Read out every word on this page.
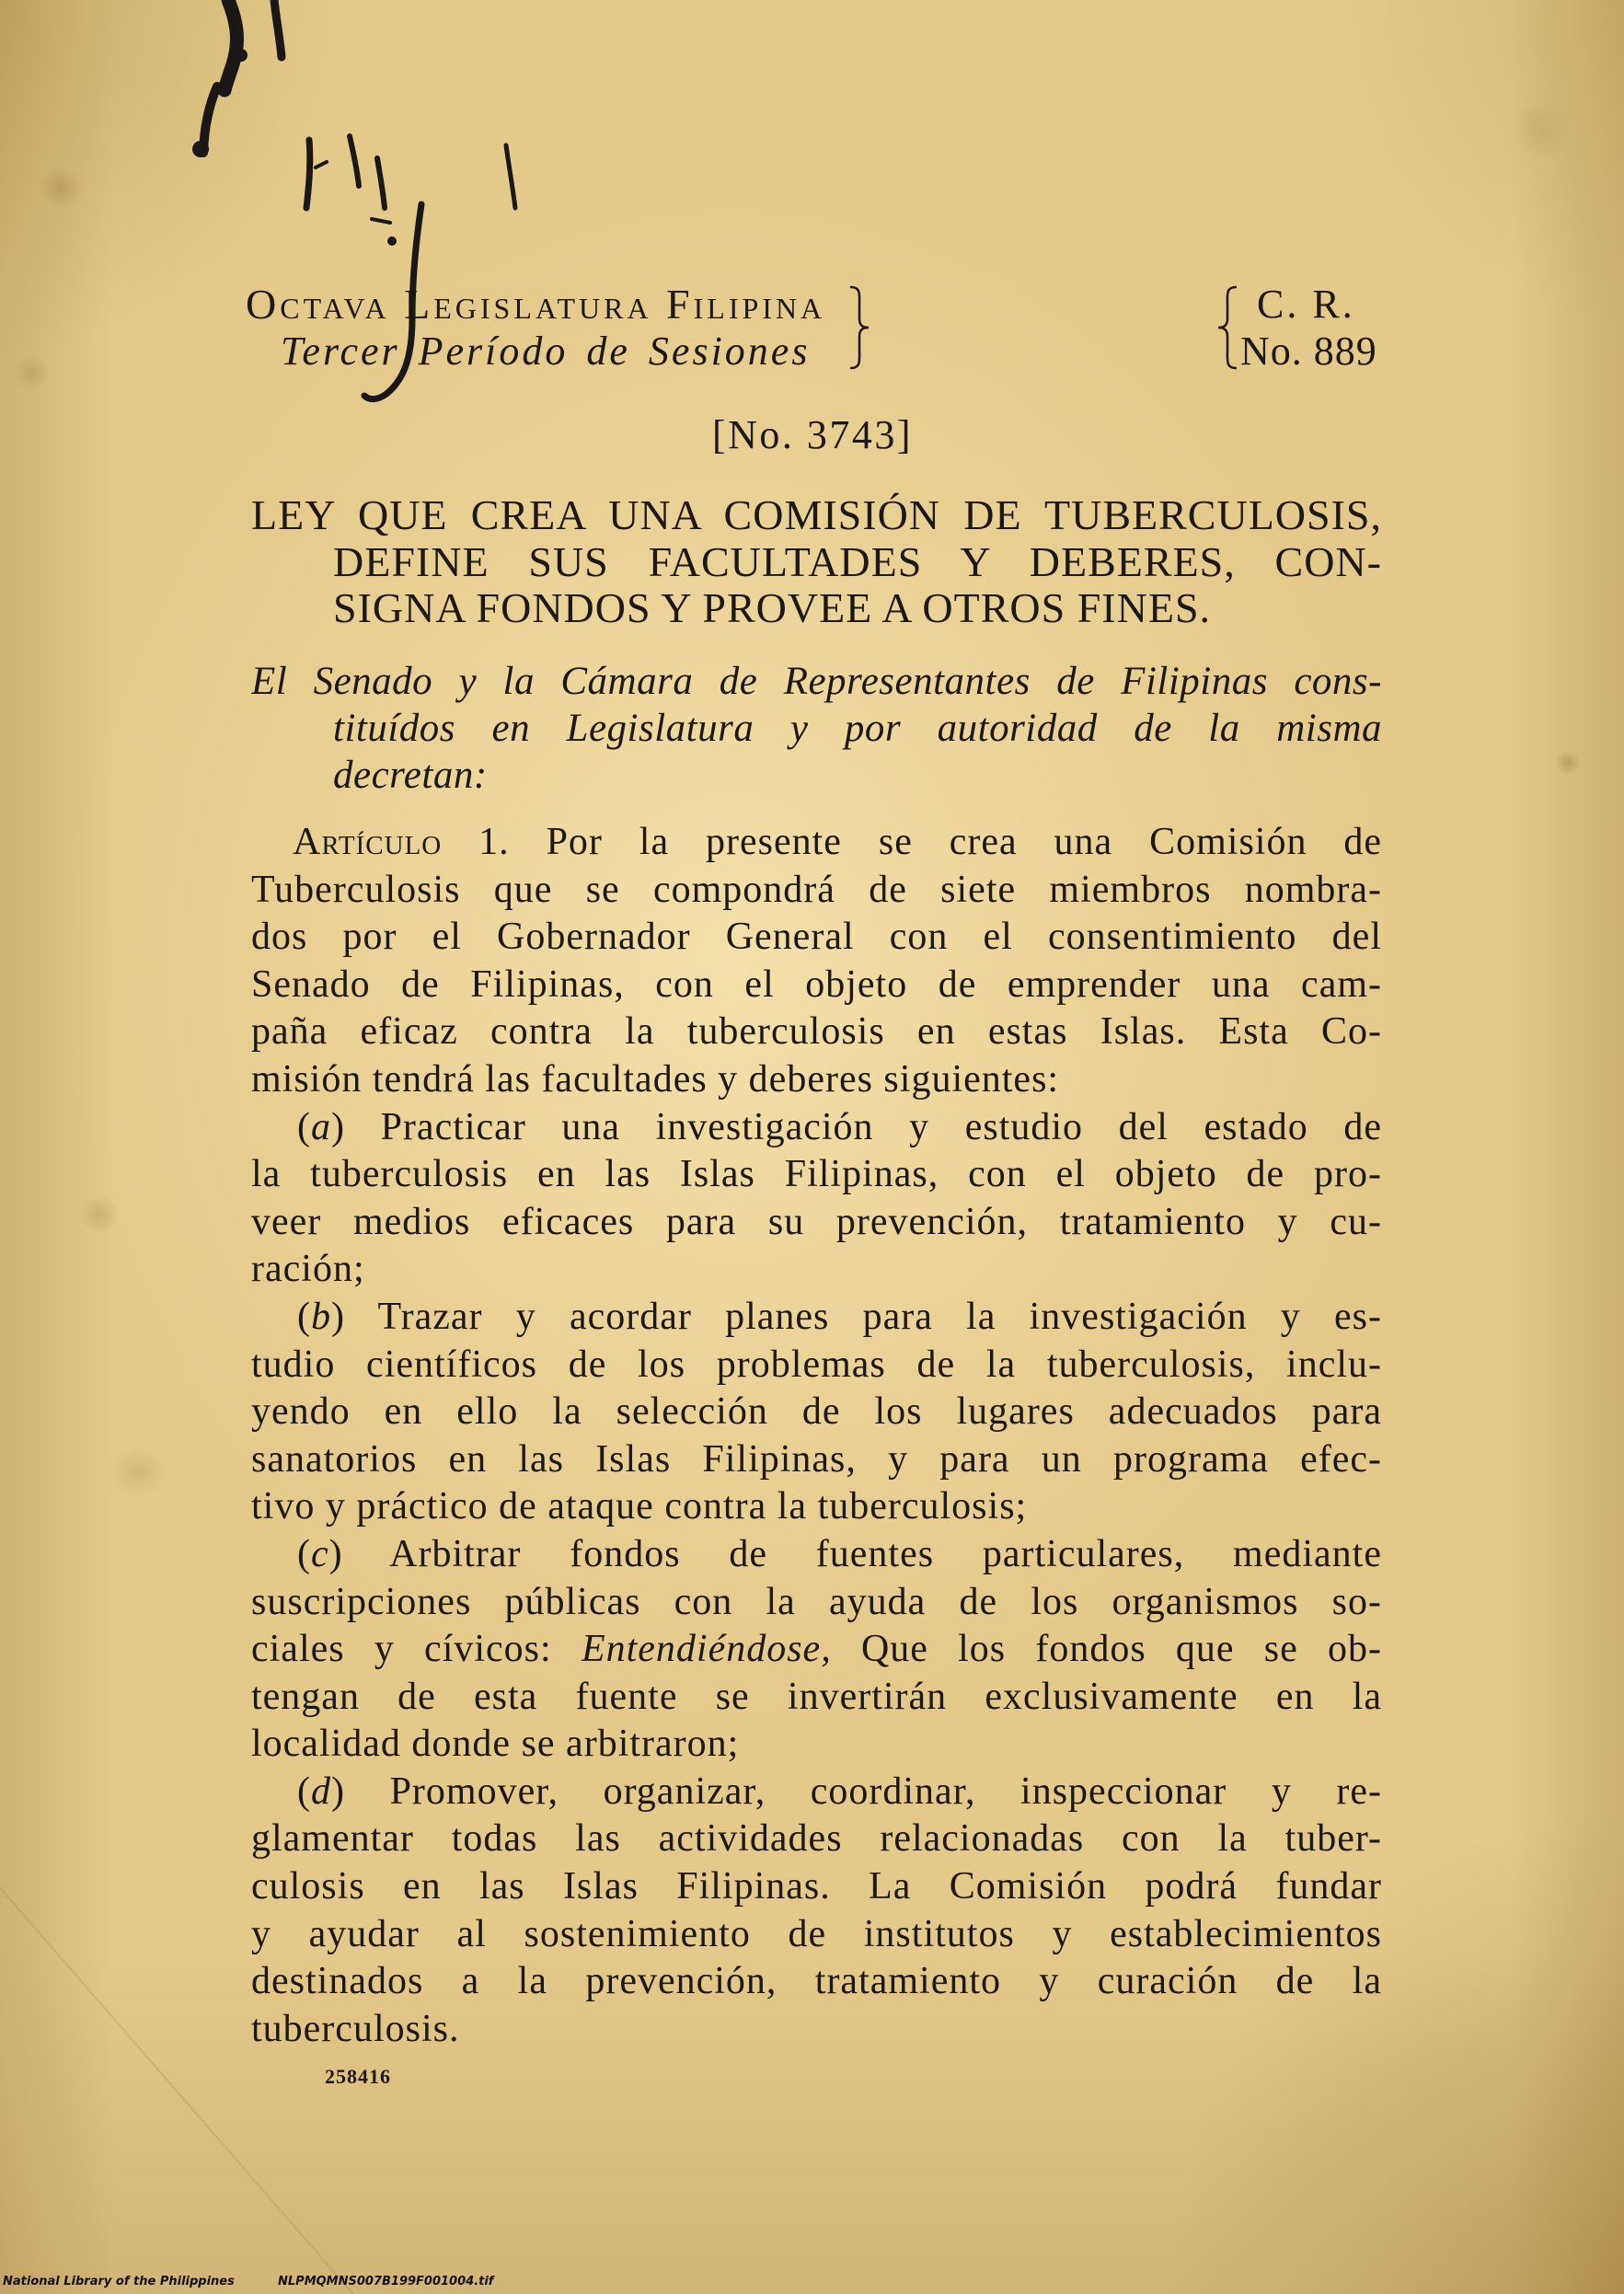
Octava Legislatura Filipina
Tercer Período de Sesiones
C. R.
No. 889
[No. 3743]
LEY QUE CREA UNA COMISIÓN DE TUBERCULOSIS,
DEFINE SUS FACULTADES Y DEBERES, CON-
SIGNA FONDOS Y PROVEE A OTROS FINES.
El Senado y la Cámara de Representantes de Filipinas cons-
tituídos en Legislatura y por autoridad de la misma
decretan:
Artículo 1. Por la presente se crea una Comisión de
Tuberculosis que se compondrá de siete miembros nombra-
dos por el Gobernador General con el consentimiento del
Senado de Filipinas, con el objeto de emprender una cam-
paña eficaz contra la tuberculosis en estas Islas. Esta Co-
misión tendrá las facultades y deberes siguientes:
(a) Practicar una investigación y estudio del estado de
la tuberculosis en las Islas Filipinas, con el objeto de pro-
veer medios eficaces para su prevención, tratamiento y cu-
ración;
(b) Trazar y acordar planes para la investigación y es-
tudio científicos de los problemas de la tuberculosis, inclu-
yendo en ello la selección de los lugares adecuados para
sanatorios en las Islas Filipinas, y para un programa efec-
tivo y práctico de ataque contra la tuberculosis;
(c) Arbitrar fondos de fuentes particulares, mediante
suscripciones públicas con la ayuda de los organismos so-
ciales y cívicos: Entendiéndose, Que los fondos que se ob-
tengan de esta fuente se invertirán exclusivamente en la
localidad donde se arbitraron;
(d) Promover, organizar, coordinar, inspeccionar y re-
glamentar todas las actividades relacionadas con la tuber-
culosis en las Islas Filipinas. La Comisión podrá fundar
y ayudar al sostenimiento de institutos y establecimientos
destinados a la prevención, tratamiento y curación de la
tuberculosis.
258416
National Library of the Philippines	NLPMQMNS007B199F001004.tif
